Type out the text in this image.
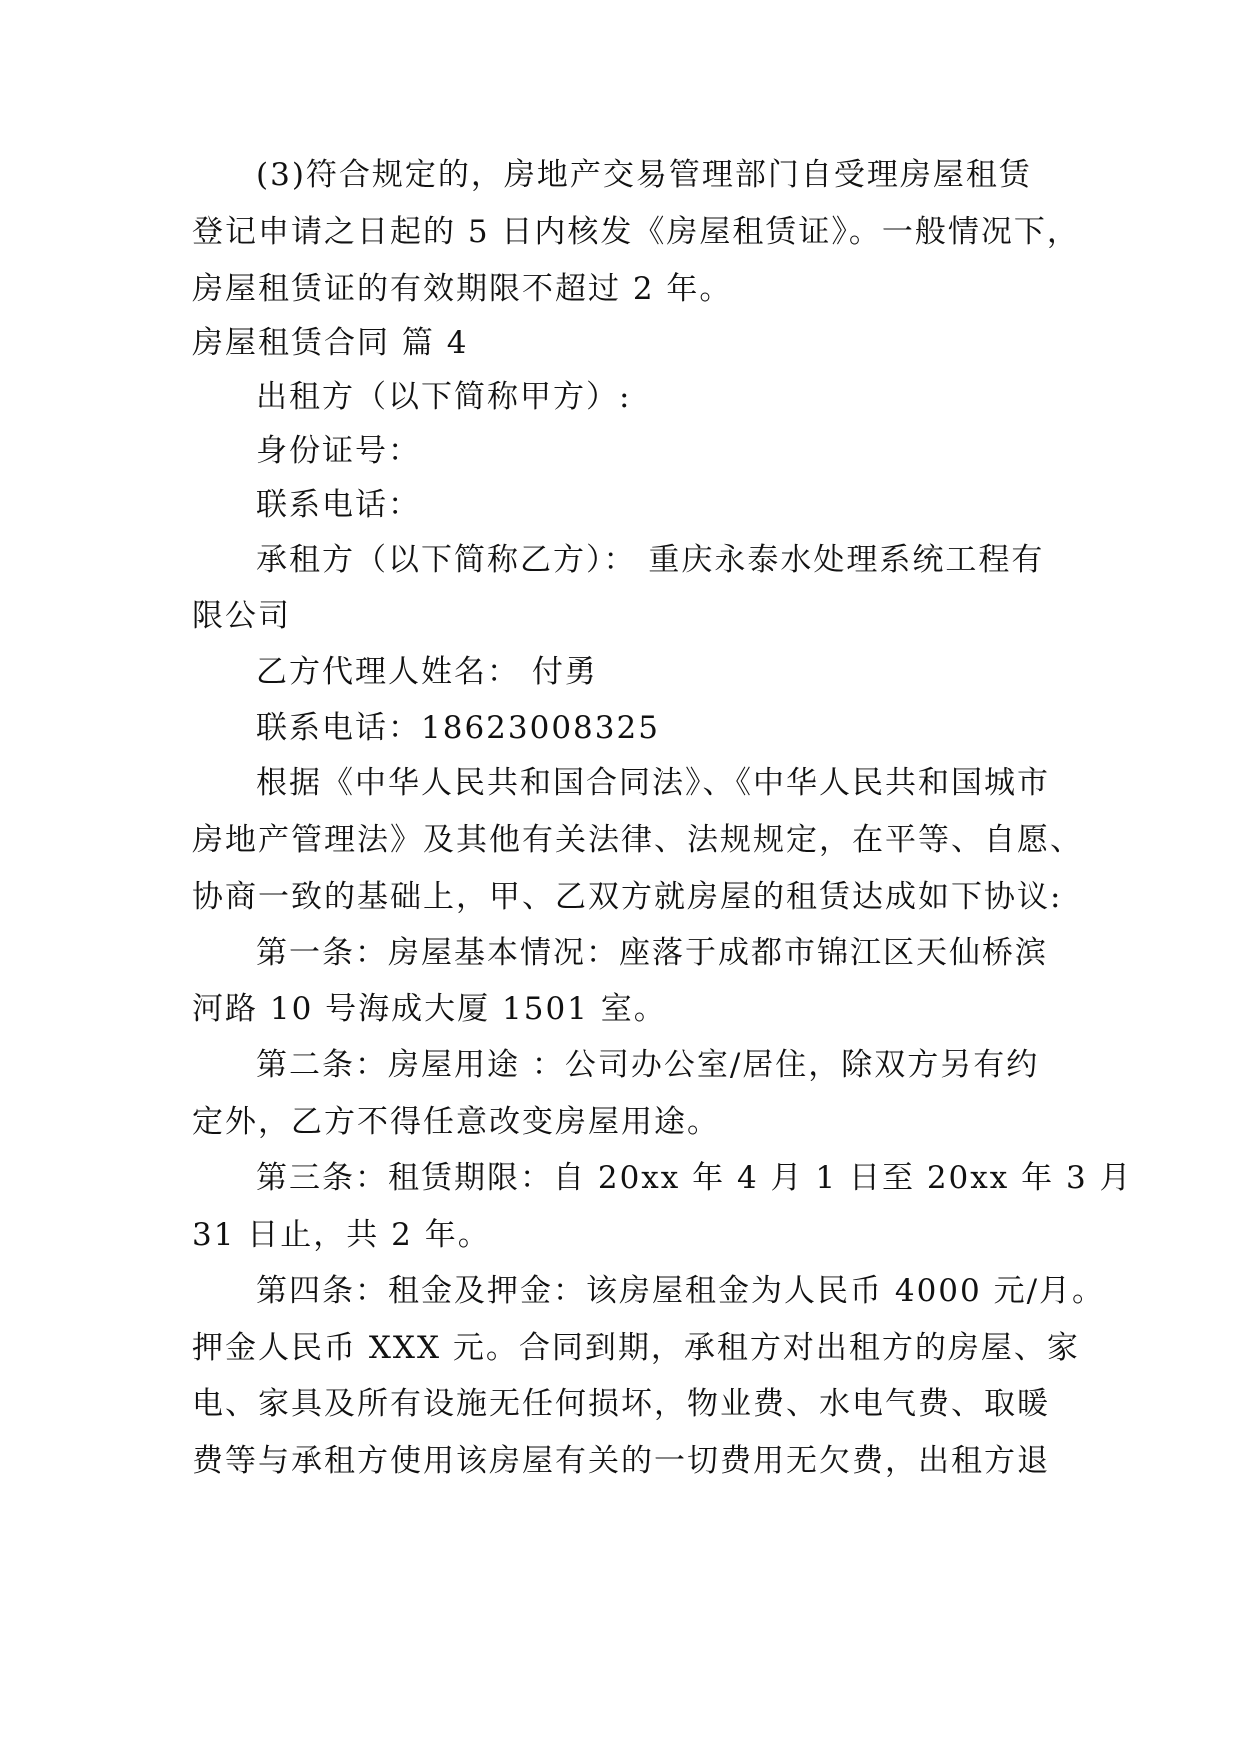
(3)符合规定的，房地产交易管理部门自受理房屋租赁
登记申请之日起的 5 日内核发《房屋租赁证》。一般情况下，
房屋租赁证的有效期限不超过 2 年。
房屋租赁合同 篇 4
出租方（以下简称甲方）:
身份证号：
联系电话：
承租方（以下简称乙方）： 重庆永泰水处理系统工程有
限公司
乙方代理人姓名： 付勇
联系电话：18623008325
根据《中华人民共和国合同法》、《中华人民共和国城市
房地产管理法》及其他有关法律、法规规定，在平等、自愿、
协商一致的基础上，甲、乙双方就房屋的租赁达成如下协议:
第一条：房屋基本情况：座落于成都市锦江区天仙桥滨
河路 10 号海成大厦 1501 室。
第二条：房屋用途 ：公司办公室/居住，除双方另有约
定外，乙方不得任意改变房屋用途。
第三条：租赁期限：自 20xx 年 4 月 1 日至 20xx 年 3 月
31 日止，共 2 年。
第四条：租金及押金：该房屋租金为人民币 4000 元/月。
押金人民币 XXX 元。合同到期，承租方对出租方的房屋、家
电、家具及所有设施无任何损坏，物业费、水电气费、取暖
费等与承租方使用该房屋有关的一切费用无欠费，出租方退
